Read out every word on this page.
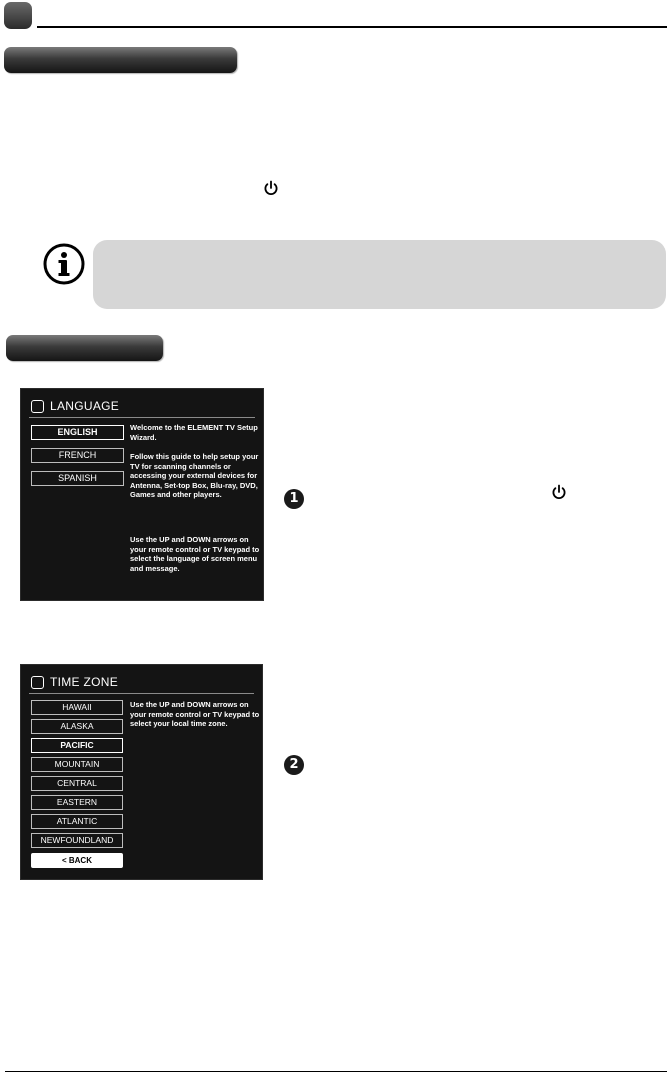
LANGUAGE
ENGLISH
FRENCH
SPANISH
Welcome to the ELEMENT TV Setup Wizard.
Follow this guide to help setup your TV for scanning channels or accessing your external devices for Antenna, Set-top Box, Blu-ray, DVD, Games and other players.
Use the UP and DOWN arrows on your remote control or TV keypad to select the language of screen menu and message.
1
TIME ZONE
HAWAII
ALASKA
PACIFIC
MOUNTAIN
CENTRAL
EASTERN
ATLANTIC
NEWFOUNDLAND
< BACK
Use the UP and DOWN arrows on your remote control or TV keypad to select your local time zone.
2
